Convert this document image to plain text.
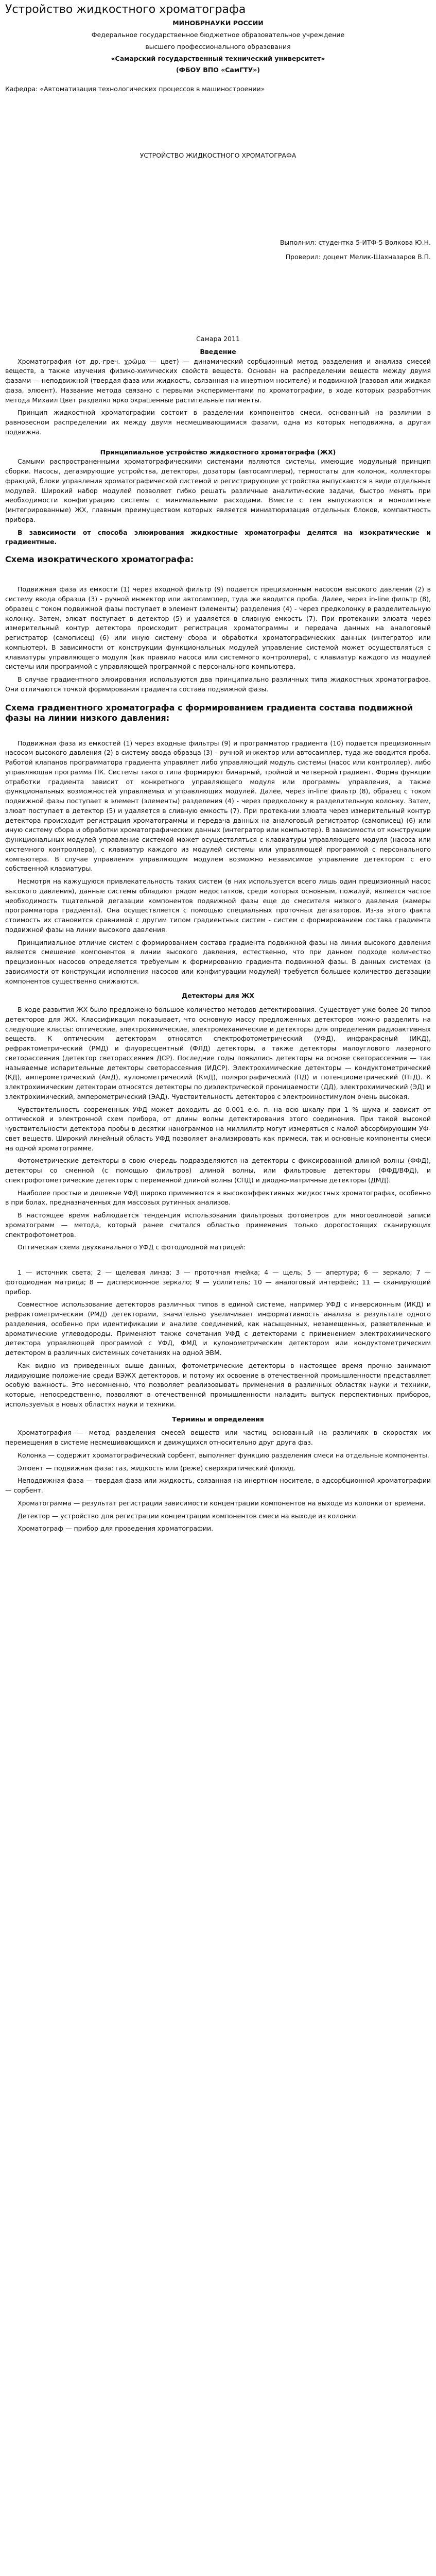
Устройство жидкостного хроматографа

МИНОБРНАУКИ РОССИИ

Федеральное государственное бюджетное образовательное учреждение

высшего профессионального образования

«Самарский государственный технический университет»

(ФБОУ ВПО «СамГТУ»)

Кафедра: «Автоматизация технологических процессов в машиностроении»

УСТРОЙСТВО ЖИДКОСТНОГО ХРОМАТОГРАФА

Выполнил: студентка 5-ИТФ-5 Волкова Ю.Н.

Проверил: доцент Мелик-Шахназаров В.П.

Самара 2011

Введение

Хроматография (от др.-греч. χρῶμα — цвет) — динамический сорбционный метод разделения и анализа смесей веществ, а также изучения физико-химических свойств веществ. Основан на распределении веществ между двумя фазами — неподвижной (твердая фаза или жидкость, связанная на инертном носителе) и подвижной (газовая или жидкая фаза, элюент). Название метода связано с первыми экспериментами по хроматографии, в ходе которых разработчик метода Михаил Цвет разделял ярко окрашенные растительные пигменты.

Принцип жидкостной хроматографии состоит в разделении компонентов смеси, основанный на различии в равновесном распределении их между двумя несмешивающимися фазами, одна из которых неподвижна, а другая подвижна.

Принципиальное устройство жидкостного хроматографа (ЖХ)

Самыми распространенными хроматографическими системами являются системы, имеющие модульный принцип сборки. Насосы, дегазирующие устройства, детекторы, дозаторы (автосамплеры), термостаты для колонок, коллекторы фракций, блоки управления хроматографической системой и регистрирующие устройства выпускаются в виде отдельных модулей. Широкий набор модулей позволяет гибко решать различные аналитические задачи, быстро менять при необходимости конфигурацию системы с минимальными расходами. Вместе с тем выпускаются и монолитные (интегрированные) ЖХ, главным преимуществом которых является миниатюризация отдельных блоков, компактность прибора.

В зависимости от способа элюирования жидкостные хроматографы делятся на изократические и градиентные.

Схема изократического хроматографа:

Подвижная фаза из емкости (1) через входной фильтр (9) подается прецизионным насосом высокого давления (2) в систему ввода образца (3) - ручной инжектор или автосамплер, туда же вводится проба. Далее, через in-line фильтр (8), образец с током подвижной фазы поступает в элемент (элементы) разделения (4) - через предколонку в разделительную колонку. Затем, элюат поступает в детектор (5) и удаляется в сливную емкость (7). При протекании элюата через измерительный контур детектора происходит регистрация хроматограммы и передача данных на аналоговый регистратор (самописец) (6) или иную систему сбора и обработки хроматографических данных (интегратор или компьютер). В зависимости от конструкции функциональных модулей управление системой может осуществляться с клавиатуры управляющего модуля (как правило насоса или системного контроллера), с клавиатур каждого из модулей системы или программой с управляющей программой с персонального компьютера.

В случае градиентного элюирования используются два принципиально различных типа жидкостных хроматографов. Они отличаются точкой формирования градиента состава подвижной фазы.

Схема градиентного хроматографа с формированием градиента состава подвижной фазы на линии низкого давления:

Подвижная фаза из емкостей (1) через входные фильтры (9) и программатор градиента (10) подается прецизионным насосом высокого давления (2) в систему ввода образца (3) - ручной инжектор или автосамплер, туда же вводится проба. Работой клапанов программатора градиента управляет либо управляющий модуль системы (насос или контроллер), либо управляющая программа ПК. Системы такого типа формируют бинарный, тройной и четверной градиент. Форма функции отработки градиента зависит от конкретного управляющего модуля или программы управления, а также функциональных возможностей управляемых и управляющих модулей. Далее, через in-line фильтр (8), образец с током подвижной фазы поступает в элемент (элементы) разделения (4) - через предколонку в разделительную колонку. Затем, элюат поступает в детектор (5) и удаляется в сливную емкость (7). При протекании элюата через измерительный контур детектора происходит регистрация хроматограммы и передача данных на аналоговый регистратор (самописец) (6) или иную систему сбора и обработки хроматографических данных (интегратор или компьютер). В зависимости от конструкции функциональных модулей управление системой может осуществляться с клавиатуры управляющего модуля (насоса или системного контроллера), с клавиатур каждого из модулей системы или управляющей программой с персонального компьютера. В случае управления управляющим модулем возможно независимое управление детектором с его собственной клавиатуры.

Несмотря на кажущуюся привлекательность таких систем (в них используется всего лишь один прецизионный насос высокого давления), данные системы обладают рядом недостатков, среди которых основным, пожалуй, является частое необходимость тщательной дегазации компонентов подвижной фазы еще до смесителя низкого давления (камеры программатора градиента). Она осуществляется с помощью специальных проточных дегазаторов. Из-за этого факта стоимость их становится сравнимой с другим типом градиентных систем - систем с формированием состава градиента подвижной фазы на линии высокого давления.

Принципиальное отличие систем с формированием состава градиента подвижной фазы на линии высокого давления является смешение компонентов в линии высокого давления, естественно, что при данном подходе количество прецизионных насосов определяется требуемым к формированию градиента подвижной фазы. В данных системах (в зависимости от конструкции исполнения насосов или конфигурации модулей) требуется большее количество дегазации компонентов существенно снижаются.

Детекторы для ЖХ

В ходе развития ЖХ было предложено большое количество методов детектирования. Существует уже более 20 типов детекторов для ЖХ. Классификация показывает, что основную массу предложенных детекторов можно разделить на следующие классы: оптические, электрохимические, электромеханические и детекторы для определения радиоактивных веществ. К оптическим детекторам относятся спектрофотометрический (УФД), инфракрасный (ИКД), рефрактометрический (РМД) и флуоресцентный (ФЛД) детекторы, а также детекторы малоуглового лазерного светорассеяния (детектор светорассеяния ДСР). Последние годы появились детекторы на основе светорассеяния — так называемые испарительные детекторы светорассеяния (ИДСР). Электрохимические детекторы — кондуктометрический (КД), амперометрический (АмД), кулонометрический (КмД), полярографический (ПД) и потенциометрический (ПтД). К электрохимическим детекторам относятся детекторы по диэлектрической проницаемости (ДД), электрохимический (ЭД) и электрохимический, амперометрический (ЭАД). Чувствительность детекторов с электроиностимулом очень высокая.

Чувствительность современных УФД может доходить до 0.001 е.о. п. на всю шкалу при 1 % шума и зависит от оптической и электронной схем прибора, от длины волны детектирования этого соединения. При такой высокой чувствительности детектора пробы в десятки нанограммов на миллилитр могут измеряться с малой абсорбирующим УФ-свет веществ. Широкий линейный область УФД позволяет анализировать как примеси, так и основные компоненты смеси на одной хроматограмме.

Фотометрические детекторы в свою очередь подразделяются на детекторы с фиксированной длиной волны (ФФД), детекторы со сменной (с помощью фильтров) длиной волны, или фильтровые детекторы (ФФД/ВФД), и спектрофотометрические детекторы с переменной длиной волны (СПД) и диодно-матричные детекторы (ДМД).

Наиболее простые и дешевые УФД широко применяются в высокоэффективных жидкостных хроматографах, особенно в при болах, предназначенных для массовых рутинных анализов.

В настоящее время наблюдается тенденция использования фильтровых фотометров для многоволновой записи хроматограмм — метода, который ранее считался областью применения только дорогостоящих сканирующих спектрофотометров.

Оптическая схема двухканального УФД с фотодиодной матрицей:

1 — источник света; 2 — щелевая линза; 3 — проточная ячейка; 4 — щель; 5 — апертура; 6 — зеркало; 7 — фотодиодная матрица; 8 — дисперсионное зеркало; 9 — усилитель; 10 — аналоговый интерфейс; 11 — сканирующий прибор.

Совместное использование детекторов различных типов в единой системе, например УФД с инверсионным (ИКД) и рефрактометрическим (РМД) детекторами, значительно увеличивает информативность анализа в результате одного разделения, особенно при идентификации и анализе соединений, как насыщенных, незамещенных, разветвленные и ароматические углеводороды. Применяют также сочетания УФД с детекторами с применением электрохимического детектора управляющей программой с УФД, ФМД и кулонометрическим детектором или кондуктометрическим детектором в различных системных сочетаниях на одной ЭВМ.

Как видно из приведенных выше данных, фотометрические детекторы в настоящее время прочно занимают лидирующие положение среди ВЭЖХ детекторов, и потому их освоение в отечественной промышленности представляет особую важность. Это несомненно, что позволяет реализовывать применения в различных областях науки и техники, которые, непосредственно, позволяют в отечественной промышленности наладить выпуск перспективных приборов, используемых в новых областях науки и техники.

Термины и определения

Хроматография — метод разделения смесей веществ или частиц основанный на различиях в скоростях их перемещения в системе несмешивающихся и движущихся относительно друг друга фаз.

Колонка — содержит хроматографический сорбент, выполняет функцию разделения смеси на отдельные компоненты.

Элюент — подвижная фаза: газ, жидкость или (реже) сверхкритический флюид.

Неподвижная фаза — твердая фаза или жидкость, связанная на инертном носителе, в адсорбционной хроматографии — сорбент.

Хроматограмма — результат регистрации зависимости концентрации компонентов на выходе из колонки от времени.

Детектор — устройство для регистрации концентрации компонентов смеси на выходе из колонки.

Хроматограф — прибор для проведения хроматографии.
